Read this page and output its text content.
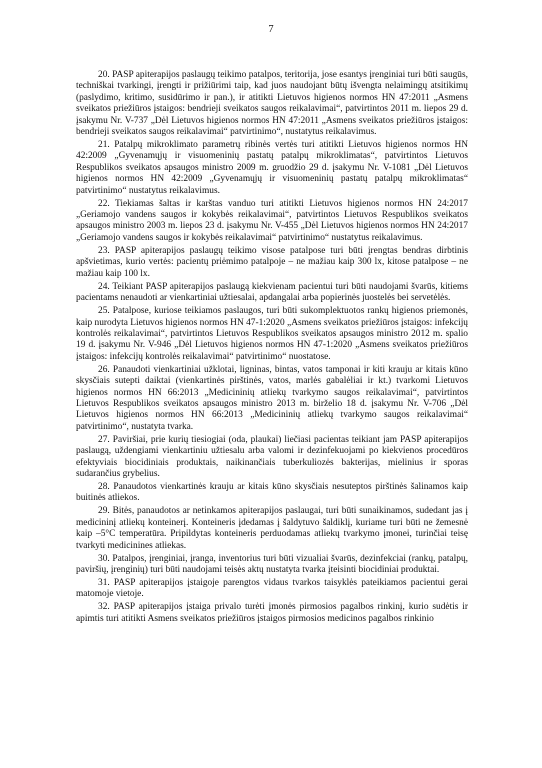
7

20. PASP apiterapijos paslaugų teikimo patalpos, teritorija, jose esantys įrenginiai turi būti saugūs, techniškai tvarkingi, įrengti ir prižiūrimi taip, kad juos naudojant būtų išvengta nelaimingų atsitikimų (paslydimo, kritimo, susidūrimo ir pan.), ir atitikti Lietuvos higienos normos HN 47:2011 „Asmens sveikatos priežiūros įstaigos: bendrieji sveikatos saugos reikalavimai“, patvirtintos 2011 m. liepos 29 d. įsakymu Nr. V-737 „Dėl Lietuvos higienos normos HN 47:2011 „Asmens sveikatos priežiūros įstaigos: bendrieji sveikatos saugos reikalavimai“ patvirtinimo“, nustatytus reikalavimus.

21. Patalpų mikroklimato parametrų ribinės vertės turi atitikti Lietuvos higienos normos HN 42:2009 „Gyvenamųjų ir visuomeninių pastatų patalpų mikroklimatas“, patvirtintos Lietuvos Respublikos sveikatos apsaugos ministro 2009 m. gruodžio 29 d. įsakymu Nr. V-1081 „Dėl Lietuvos higienos normos HN 42:2009 „Gyvenamųjų ir visuomeninių pastatų patalpų mikroklimatas“ patvirtinimo“ nustatytus reikalavimus.

22. Tiekiamas šaltas ir karštas vanduo turi atitikti Lietuvos higienos normos HN 24:2017 „Geriamojo vandens saugos ir kokybės reikalavimai“, patvirtintos Lietuvos Respublikos sveikatos apsaugos ministro 2003 m. liepos 23 d. įsakymu Nr. V-455 „Dėl Lietuvos higienos normos HN 24:2017 „Geriamojo vandens saugos ir kokybės reikalavimai“ patvirtinimo“ nustatytus reikalavimus.

23. PASP apiterapijos paslaugų teikimo visose patalpose turi būti įrengtas bendras dirbtinis apšvietimas, kurio vertės: pacientų priėmimo patalpoje – ne mažiau kaip 300 lx, kitose patalpose – ne mažiau kaip 100 lx.

24. Teikiant PASP apiterapijos paslaugą kiekvienam pacientui turi būti naudojami švarūs, kitiems pacientams nenaudoti ar vienkartiniai užtiesalai, apdangalai arba popierinės juostelės bei servetėlės.

25. Patalpose, kuriose teikiamos paslaugos, turi būti sukomplektuotos rankų higienos priemonės, kaip nurodyta Lietuvos higienos normos HN 47-1:2020 „Asmens sveikatos priežiūros įstaigos: infekcijų kontrolės reikalavimai“, patvirtintos Lietuvos Respublikos sveikatos apsaugos ministro 2012 m. spalio 19 d. įsakymu Nr. V-946 „Dėl Lietuvos higienos normos HN 47-1:2020 „Asmens sveikatos priežiūros įstaigos: infekcijų kontrolės reikalavimai“ patvirtinimo“ nuostatose.

26. Panaudoti vienkartiniai užklotai, ligninas, bintas, vatos tamponai ir kiti krauju ar kitais kūno skysčiais sutepti daiktai (vienkartinės pirštinės, vatos, marlės gabalėliai ir kt.) tvarkomi Lietuvos higienos normos HN 66:2013 „Medicininių atliekų tvarkymo saugos reikalavimai“, patvirtintos Lietuvos Respublikos sveikatos apsaugos ministro 2013 m. birželio 18 d. įsakymu Nr. V-706 „Dėl Lietuvos higienos normos HN 66:2013 „Medicininių atliekų tvarkymo saugos reikalavimai“ patvirtinimo“, nustatyta tvarka.

27. Paviršiai, prie kurių tiesiogiai (oda, plaukai) liečiasi pacientas teikiant jam PASP apiterapijos paslaugą, uždengiami vienkartiniu užtiesalu arba valomi ir dezinfekuojami po kiekvienos procedūros efektyviais biocidiniais produktais, naikinančiais tuberkuliozės bakterijas, mielinius ir sporas sudarančius grybelius.

28. Panaudotos vienkartinės krauju ar kitais kūno skysčiais nesuteptos pirštinės šalinamos kaip buitinės atliekos.

29. Bitės, panaudotos ar netinkamos apiterapijos paslaugai, turi būti sunaikinamos, sudedant jas į medicininį atliekų konteinerį. Konteineris įdedamas į šaldytuvo šaldiklį, kuriame turi būti ne žemesnė kaip –5°C temperatūra. Pripildytas konteineris perduodamas atliekų tvarkymo įmonei, turinčiai teisę tvarkyti medicinines atliekas.

30. Patalpos, įrenginiai, įranga, inventorius turi būti vizualiai švarūs, dezinfekciai (rankų, patalpų, paviršių, įrenginių) turi būti naudojami teisės aktų nustatyta tvarka įteisinti biocidiniai produktai.

31. PASP apiterapijos įstaigoje parengtos vidaus tvarkos taisyklės pateikiamos pacientui gerai matomoje vietoje.

32. PASP apiterapijos įstaiga privalo turėti įmonės pirmosios pagalbos rinkinį, kurio sudėtis ir apimtis turi atitikti Asmens sveikatos priežiūros įstaigos pirmosios medicinos pagalbos rinkinio
